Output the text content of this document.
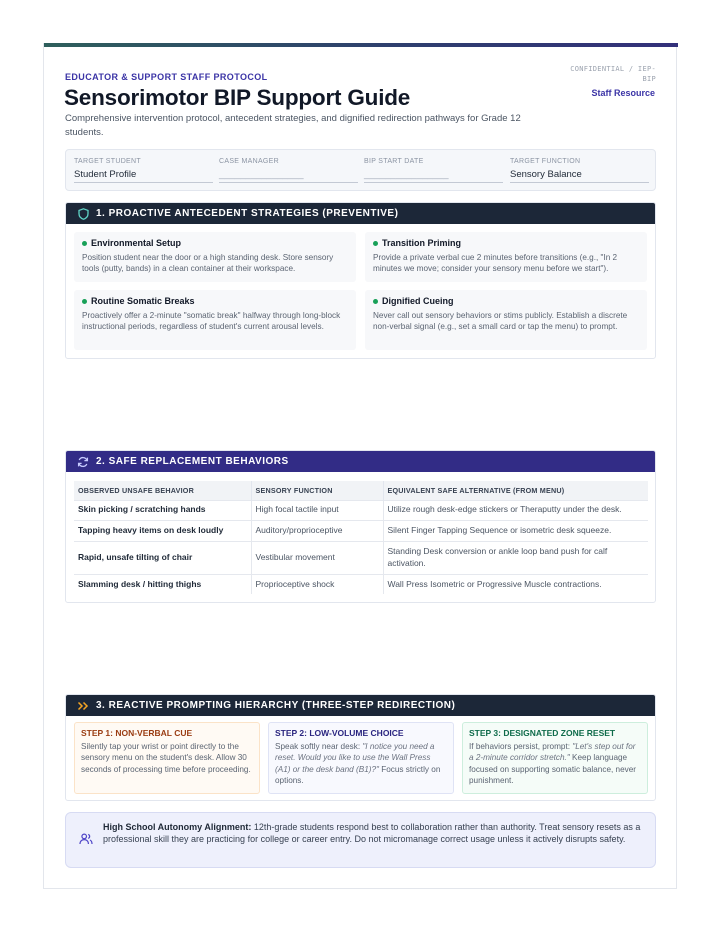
EDUCATOR & SUPPORT STAFF PROTOCOL
Sensorimotor BIP Support Guide
Comprehensive intervention protocol, antecedent strategies, and dignified redirection pathways for Grade 12 students.
CONFIDENTIAL / IEP-BIP
Staff Resource
TARGET STUDENT
Student Profile
CASE MANAGER
________________
BIP START DATE
________________
TARGET FUNCTION
Sensory Balance
1. PROACTIVE ANTECEDENT STRATEGIES (PREVENTIVE)
Environmental Setup
Position student near the door or a high standing desk. Store sensory tools (putty, bands) in a clean container at their workspace.
Transition Priming
Provide a private verbal cue 2 minutes before transitions (e.g., "In 2 minutes we move; consider your sensory menu before we start").
Routine Somatic Breaks
Proactively offer a 2-minute "somatic break" halfway through long-block instructional periods, regardless of student's current arousal levels.
Dignified Cueing
Never call out sensory behaviors or stims publicly. Establish a discrete non-verbal signal (e.g., set a small card or tap the menu) to prompt.
2. SAFE REPLACEMENT BEHAVIORS
OBSERVED UNSAFE BEHAVIOR	SENSORY FUNCTION	EQUIVALENT SAFE ALTERNATIVE (FROM MENU)
Skin picking / scratching hands	High focal tactile input	Utilize rough desk-edge stickers or Theraputty under the desk.
Tapping heavy items on desk loudly	Auditory/proprioceptive	Silent Finger Tapping Sequence or isometric desk squeeze.
Rapid, unsafe tilting of chair	Vestibular movement	Standing Desk conversion or ankle loop band push for calf activation.
Slamming desk / hitting thighs	Proprioceptive shock	Wall Press Isometric or Progressive Muscle contractions.
3. REACTIVE PROMPTING HIERARCHY (THREE-STEP REDIRECTION)
STEP 1: NON-VERBAL CUE
Silently tap your wrist or point directly to the sensory menu on the student's desk. Allow 30 seconds of processing time before proceeding.
STEP 2: LOW-VOLUME CHOICE
Speak softly near desk: "I notice you need a reset. Would you like to use the Wall Press (A1) or the desk band (B1)?" Focus strictly on options.
STEP 3: DESIGNATED ZONE RESET
If behaviors persist, prompt: "Let's step out for a 2-minute corridor stretch." Keep language focused on supporting somatic balance, never punishment.
High School Autonomy Alignment: 12th-grade students respond best to collaboration rather than authority. Treat sensory resets as a professional skill they are practicing for college or career entry. Do not micromanage correct usage unless it actively disrupts safety.
